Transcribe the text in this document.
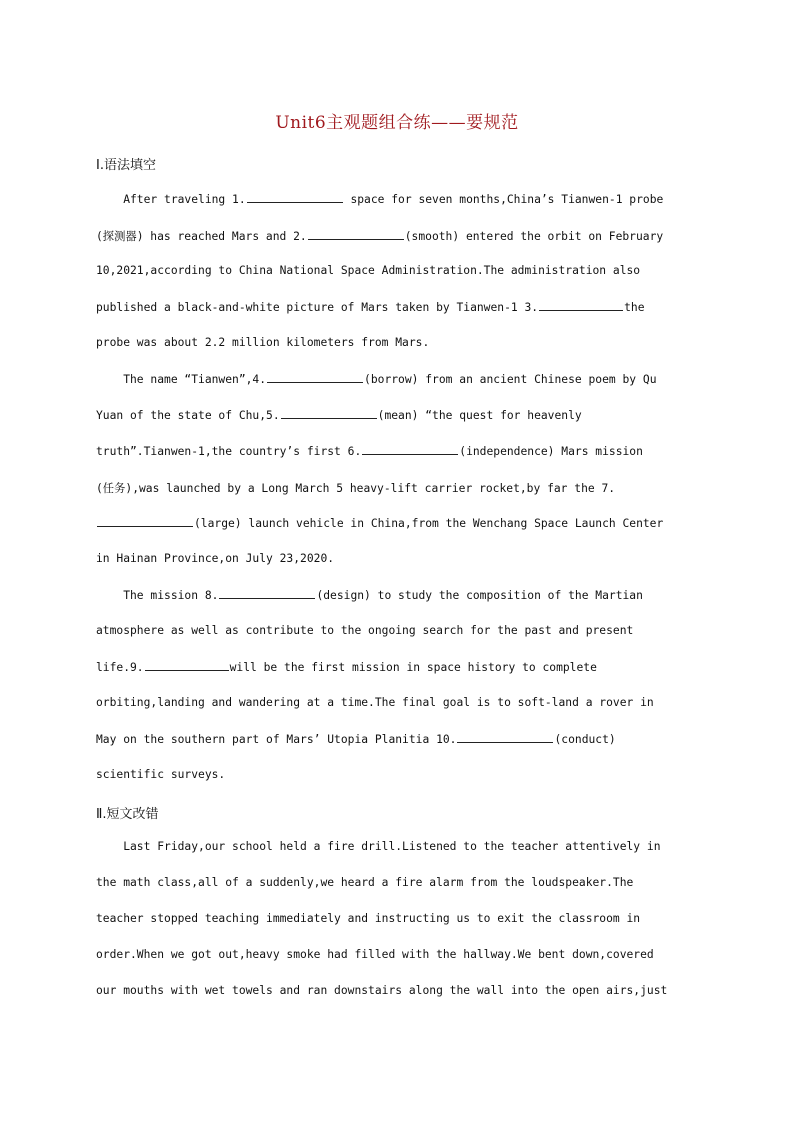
Unit6主观题组合练——要规范
Ⅰ.语法填空
After traveling 1.	space for seven months,China’s Tianwen-1 probe
(探测器) has reached Mars and 2.	(smooth) entered the orbit on February
10,2021,according to China National Space Administration.The administration also
published a black-and-white picture of Mars taken by Tianwen-1 3.	the
probe was about 2.2 million kilometers from Mars.
The name “Tianwen”,4.	(borrow) from an ancient Chinese poem by Qu
Yuan of the state of Chu,5.	(mean) “the quest for heavenly
truth”.Tianwen-1,the country’s first 6.	(independence) Mars mission
(任务),was launched by a Long March 5 heavy-lift carrier rocket,by far the 7.
(large) launch vehicle in China,from the Wenchang Space Launch Center
in Hainan Province,on July 23,2020.
The mission 8.	(design) to study the composition of the Martian
atmosphere as well as contribute to the ongoing search for the past and present
life.9.	will be the first mission in space history to complete
orbiting,landing and wandering at a time.The final goal is to soft-land a rover in
May on the southern part of Mars’ Utopia Planitia 10.	(conduct)
scientific surveys.
Ⅱ.短文改错
Last Friday,our school held a fire drill.Listened to the teacher attentively in
the math class,all of a suddenly,we heard a fire alarm from the loudspeaker.The
teacher stopped teaching immediately and instructing us to exit the classroom in
order.When we got out,heavy smoke had filled with the hallway.We bent down,covered
our mouths with wet towels and ran downstairs along the wall into the open airs,just
